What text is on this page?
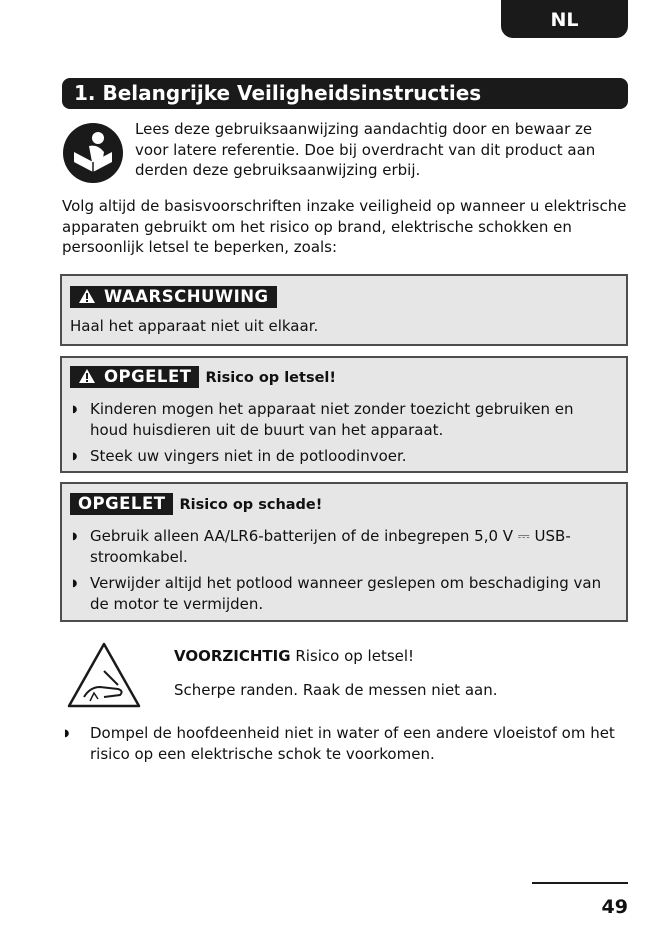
NL
1. Belangrijke Veiligheidsinstructies
Lees deze gebruiksaanwijzing aandachtig door en bewaar ze voor latere referentie. Doe bij overdracht van dit product aan derden deze gebruiksaanwijzing erbij.
Volg altijd de basisvoorschriften inzake veiligheid op wanneer u elektrische apparaten gebruikt om het risico op brand, elektrische schokken en persoonlijk letsel te beperken, zoals:
WAARSCHUWING
Haal het apparaat niet uit elkaar.
OPGELET Risico op letsel!
◗ Kinderen mogen het apparaat niet zonder toezicht gebruiken en houd huisdieren uit de buurt van het apparaat.
◗ Steek uw vingers niet in de potloodinvoer.
OPGELET Risico op schade!
◗ Gebruik alleen AA/LR6-batterijen of de inbegrepen 5,0 V ⎓ USB-stroomkabel.
◗ Verwijder altijd het potlood wanneer geslepen om beschadiging van de motor te vermijden.
VOORZICHTIG Risico op letsel!
Scherpe randen. Raak de messen niet aan.
◗ Dompel de hoofdeenheid niet in water of een andere vloeistof om het risico op een elektrische schok te voorkomen.
49
